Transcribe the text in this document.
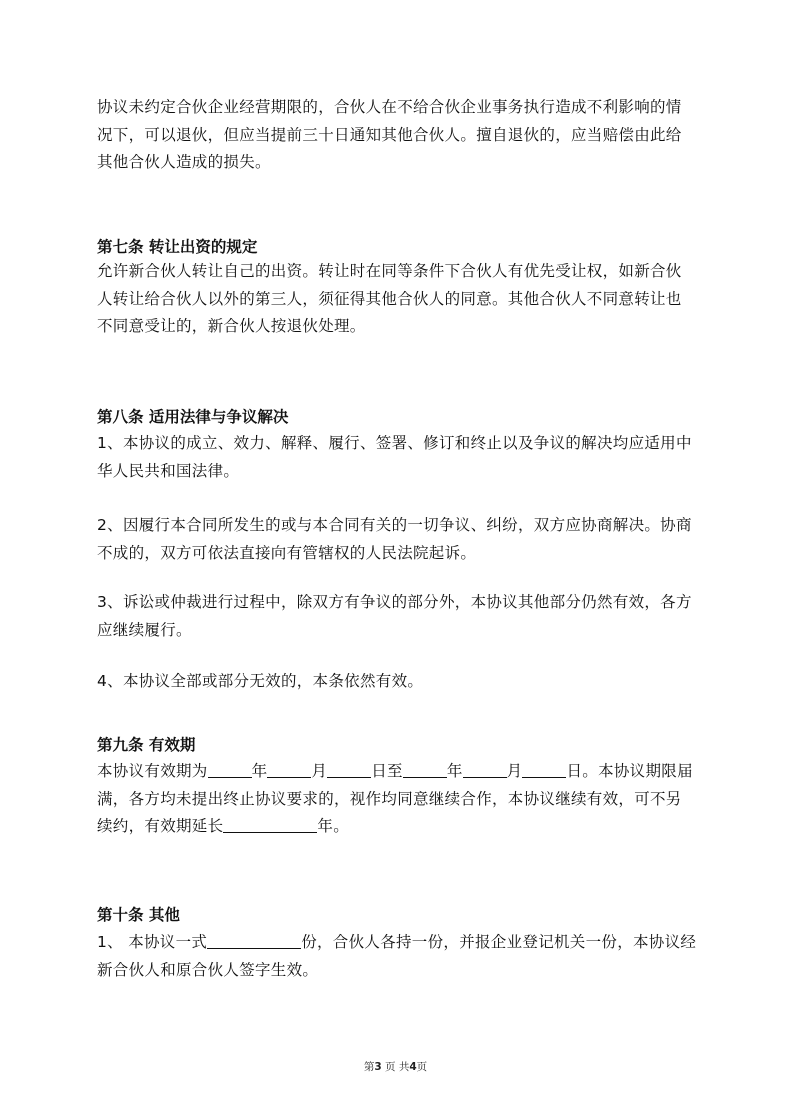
协议未约定合伙企业经营期限的，合伙人在不给合伙企业事务执行造成不利影响的情况下，可以退伙，但应当提前三十日通知其他合伙人。擅自退伙的，应当赔偿由此给其他合伙人造成的损失。

第七条 转让出资的规定

允许新合伙人转让自己的出资。转让时在同等条件下合伙人有优先受让权，如新合伙人转让给合伙人以外的第三人，须征得其他合伙人的同意。其他合伙人不同意转让也不同意受让的，新合伙人按退伙处理。

第八条 适用法律与争议解决

1、本协议的成立、效力、解释、履行、签署、修订和终止以及争议的解决均应适用中华人民共和国法律。

2、因履行本合同所发生的或与本合同有关的一切争议、纠纷，双方应协商解决。协商不成的，双方可依法直接向有管辖权的人民法院起诉。

3、诉讼或仲裁进行过程中，除双方有争议的部分外，本协议其他部分仍然有效，各方应继续履行。

4、本协议全部或部分无效的，本条依然有效。

第九条 有效期

本协议有效期为	年	月	日至	年	月	日。本协议期限届满，各方均未提出终止协议要求的，视作均同意继续合作，本协议继续有效，可不另续约，有效期延长	年。

第十条 其他

1、 本协议一式	份，合伙人各持一份，并报企业登记机关一份，本协议经新合伙人和原合伙人签字生效。

第3 页 共4页
